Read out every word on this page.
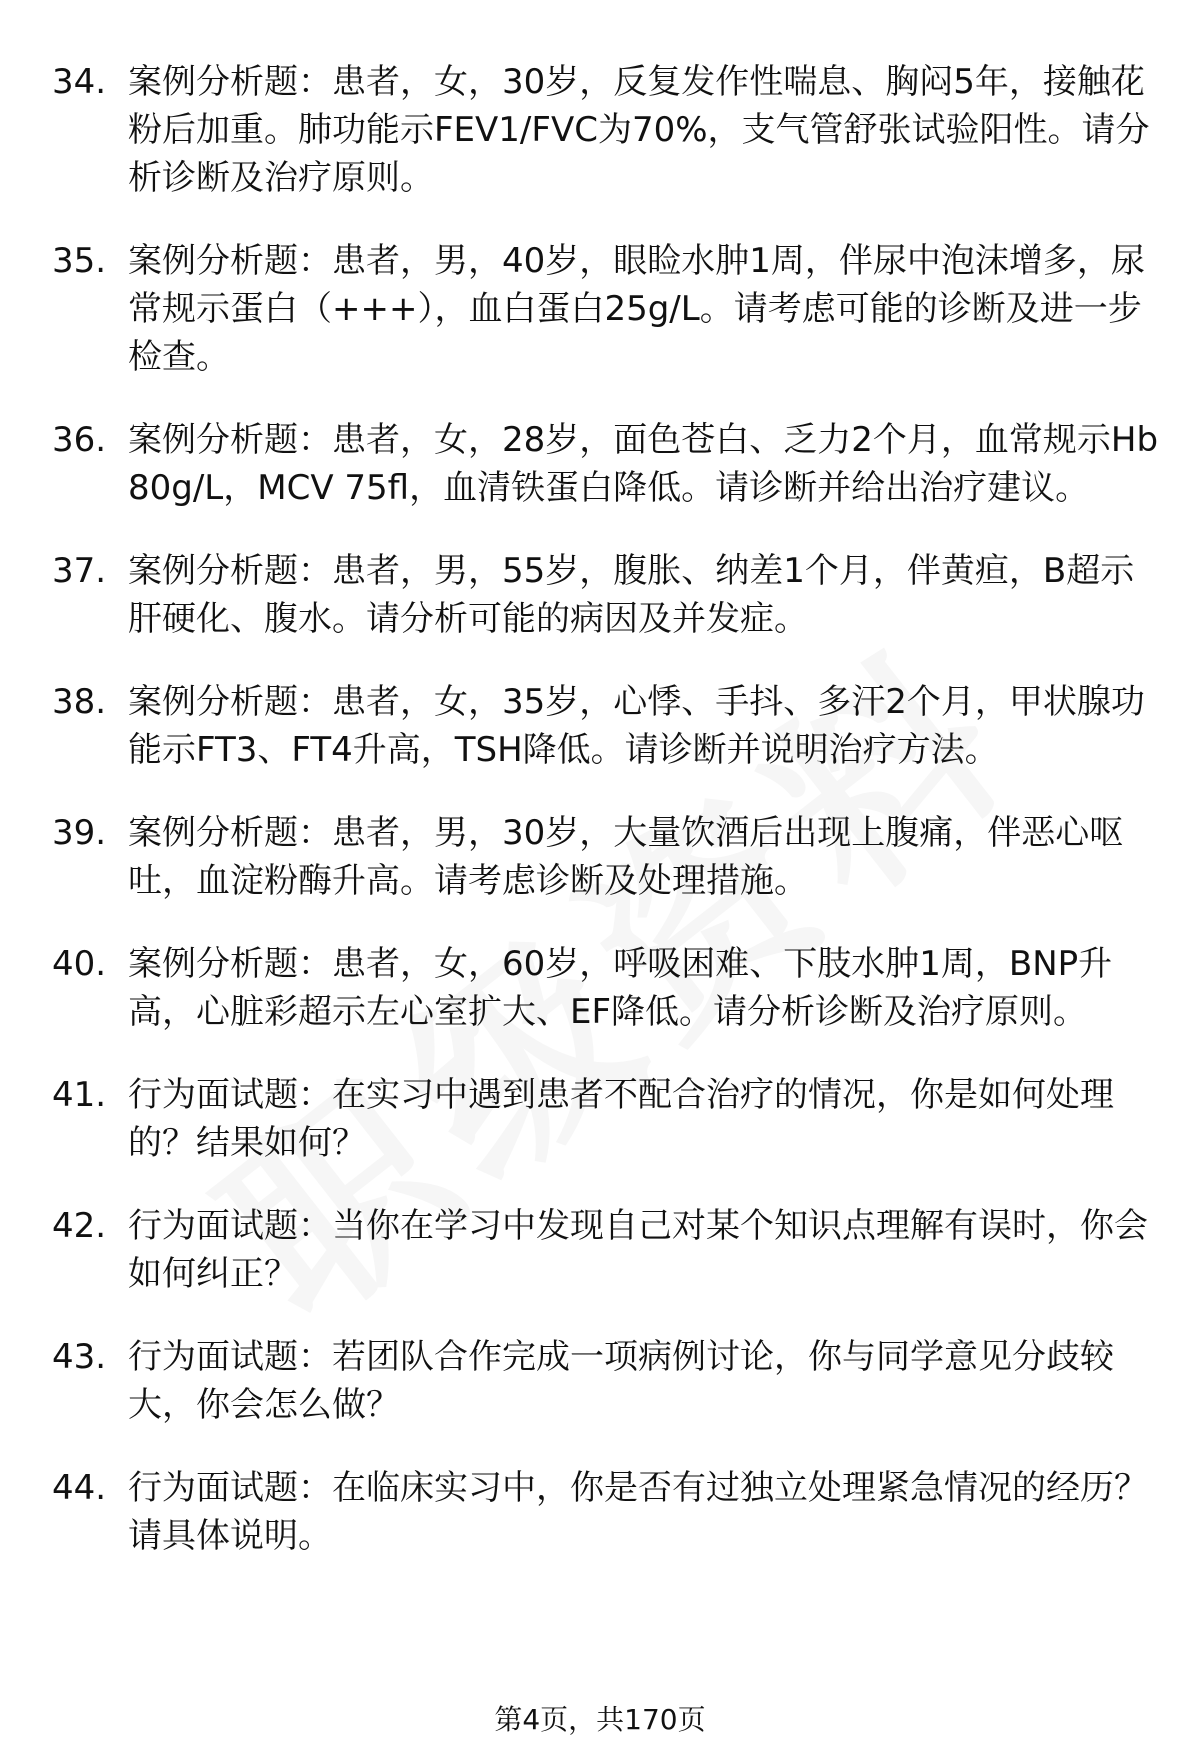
34. 案例分析题：患者，女，30岁，反复发作性喘息、胸闷5年，接触花粉后加重。肺功能示FEV1/FVC为70%，支气管舒张试验阳性。请分析诊断及治疗原则。
35. 案例分析题：患者，男，40岁，眼睑水肿1周，伴尿中泡沫增多，尿常规示蛋白（+++），血白蛋白25g/L。请考虑可能的诊断及进一步检查。
36. 案例分析题：患者，女，28岁，面色苍白、乏力2个月，血常规示Hb 80g/L，MCV 75fl，血清铁蛋白降低。请诊断并给出治疗建议。
37. 案例分析题：患者，男，55岁，腹胀、纳差1个月，伴黄疸，B超示肝硬化、腹水。请分析可能的病因及并发症。
38. 案例分析题：患者，女，35岁，心悸、手抖、多汗2个月，甲状腺功能示FT3、FT4升高，TSH降低。请诊断并说明治疗方法。
39. 案例分析题：患者，男，30岁，大量饮酒后出现上腹痛，伴恶心呕吐，血淀粉酶升高。请考虑诊断及处理措施。
40. 案例分析题：患者，女，60岁，呼吸困难、下肢水肿1周，BNP升高，心脏彩超示左心室扩大、EF降低。请分析诊断及治疗原则。
41. 行为面试题：在实习中遇到患者不配合治疗的情况，你是如何处理的？结果如何？
42. 行为面试题：当你在学习中发现自己对某个知识点理解有误时，你会如何纠正？
43. 行为面试题：若团队合作完成一项病例讨论，你与同学意见分歧较大，你会怎么做？
44. 行为面试题：在临床实习中，你是否有过独立处理紧急情况的经历？请具体说明。
第4页，共170页
